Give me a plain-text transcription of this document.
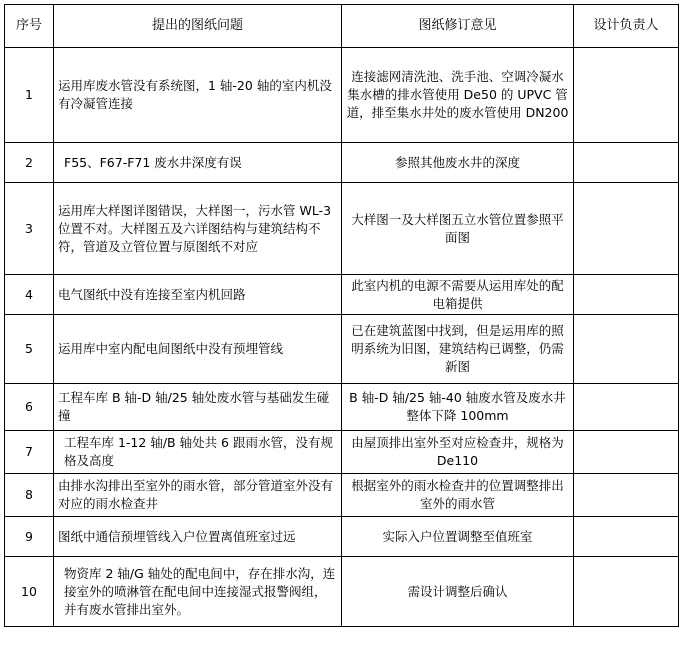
序号	提出的图纸问题	图纸修订意见	设计负责人
1	运用库废水管没有系统图，1 轴-20 轴的室内机没有冷凝管连接	连接滤网清洗池、洗手池、空调冷凝水集水槽的排水管使用 De50 的 UPVC 管道，排至集水井处的废水管使用 DN200	
2	F55、F67-F71 废水井深度有误	参照其他废水井的深度	
3	运用库大样图详图错误，大样图一，污水管 WL-3 位置不对。大样图五及六详图结构与建筑结构不符，管道及立管位置与原图纸不对应	大样图一及大样图五立水管位置参照平面图	
4	电气图纸中没有连接至室内机回路	此室内机的电源不需要从运用库处的配电箱提供	
5	运用库中室内配电间图纸中没有预埋管线	已在建筑蓝图中找到，但是运用库的照明系统为旧图，建筑结构已调整，仍需新图	
6	工程车库 B 轴-D 轴/25 轴处废水管与基础发生碰撞	B 轴-D 轴/25 轴-40 轴废水管及废水井整体下降 100mm	
7	工程车库 1-12 轴/B 轴处共 6 跟雨水管，没有规格及高度	由屋顶排出室外至对应检查井，规格为 De110	
8	由排水沟排出至室外的雨水管，部分管道室外没有对应的雨水检查井	根据室外的雨水检查井的位置调整排出室外的雨水管	
9	图纸中通信预埋管线入户位置离值班室过远	实际入户位置调整至值班室	
10	物资库 2 轴/G 轴处的配电间中，存在排水沟，连接室外的喷淋管在配电间中连接湿式报警阀组，并有废水管排出室外。	需设计调整后确认	
